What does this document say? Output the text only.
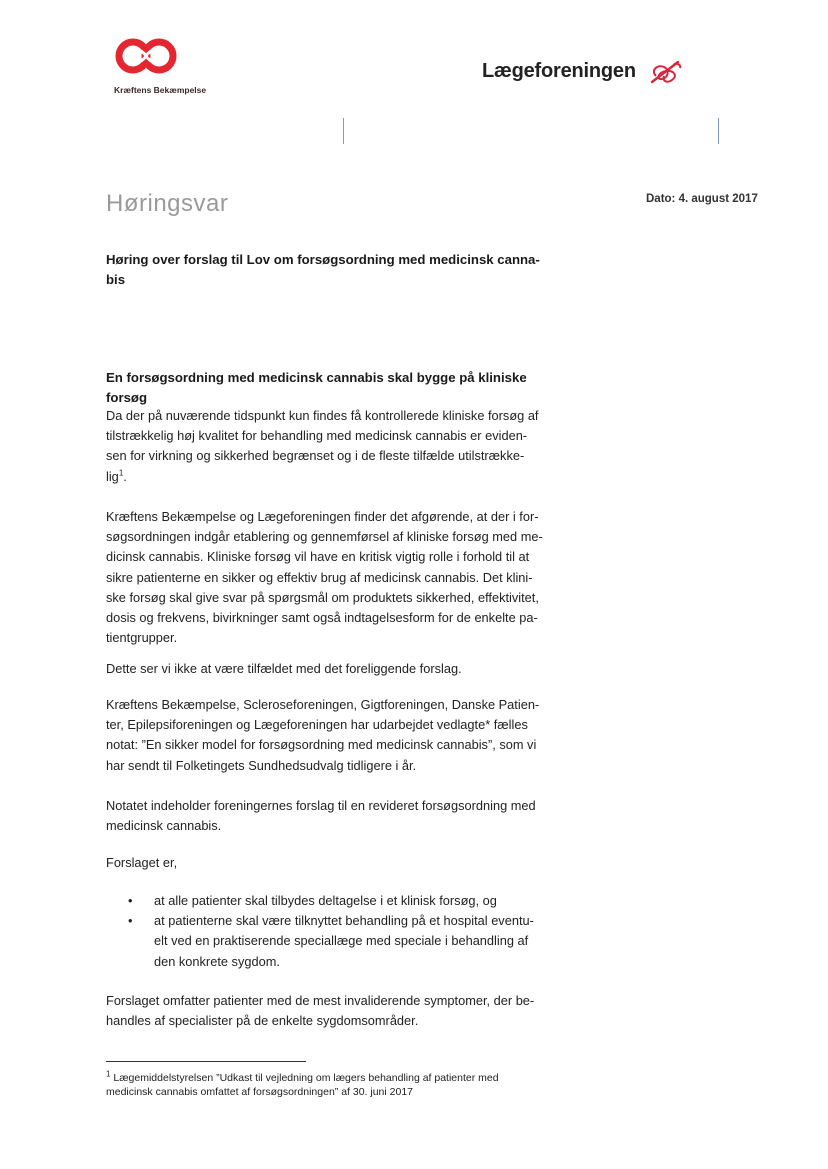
Kræftens Bekæmpelse
Lægeforeningen
Høringsvar	Dato: 4. august 2017
Høring over forslag til Lov om forsøgsordning med medicinsk canna-
bis
En forsøgsordning med medicinsk cannabis skal bygge på kliniske
forsøg
Da der på nuværende tidspunkt kun findes få kontrollerede kliniske forsøg af
tilstrækkelig høj kvalitet for behandling med medicinsk cannabis er eviden-
sen for virkning og sikkerhed begrænset og i de fleste tilfælde utilstrække-
lig$^1$.
Kræftens Bekæmpelse og Lægeforeningen finder det afgørende, at der i for-
søgsordningen indgår etablering og gennemførsel af kliniske forsøg med me-
dicinsk cannabis. Kliniske forsøg vil have en kritisk vigtig rolle i forhold til at
sikre patienterne en sikker og effektiv brug af medicinsk cannabis. Det klini-
ske forsøg skal give svar på spørgsmål om produktets sikkerhed, effektivitet,
dosis og frekvens, bivirkninger samt også indtagelsesform for de enkelte pa-
tientgrupper.
Dette ser vi ikke at være tilfældet med det foreliggende forslag.
Kræftens Bekæmpelse, Scleroseforeningen, Gigtforeningen, Danske Patien-
ter, Epilepsiforeningen og Lægeforeningen har udarbejdet vedlagte* fælles
notat: ”En sikker model for forsøgsordning med medicinsk cannabis”, som vi
har sendt til Folketingets Sundhedsudvalg tidligere i år.
Notatet indeholder foreningernes forslag til en revideret forsøgsordning med
medicinsk cannabis.
Forslaget er,
• at alle patienter skal tilbydes deltagelse i et klinisk forsøg, og
• at patienterne skal være tilknyttet behandling på et hospital eventu-
elt ved en praktiserende speciallæge med speciale i behandling af
den konkrete sygdom.
Forslaget omfatter patienter med de mest invaliderende symptomer, der be-
handles af specialister på de enkelte sygdomsområder.
$^1$ Lægemiddelstyrelsen ”Udkast til vejledning om lægers behandling af patienter med
medicinsk cannabis omfattet af forsøgsordningen” af 30. juni 2017
